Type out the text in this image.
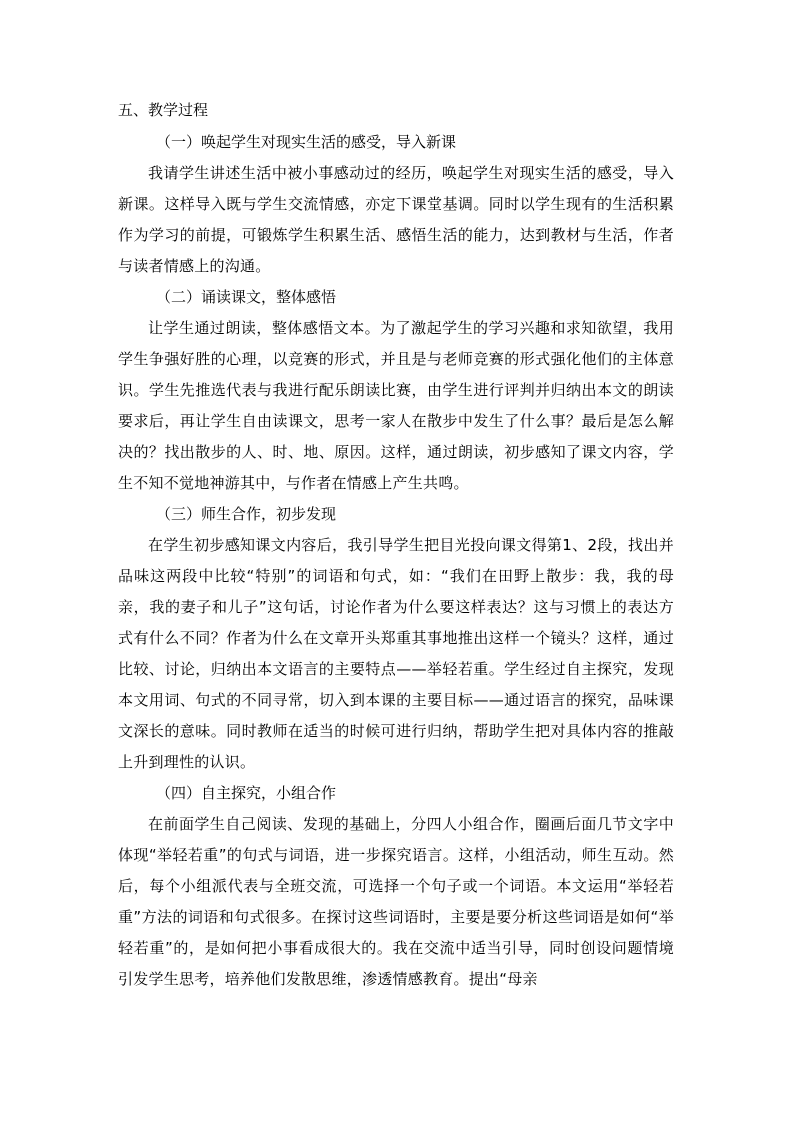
五、教学过程
（一）唤起学生对现实生活的感受，导入新课

我请学生讲述生活中被小事感动过的经历，唤起学生对现实生活的感受，导入新课。这样导入既与学生交流情感，亦定下课堂基调。同时以学生现有的生活积累作为学习的前提，可锻炼学生积累生活、感悟生活的能力，达到教材与生活，作者与读者情感上的沟通。

（二）诵读课文，整体感悟

让学生通过朗读，整体感悟文本。为了激起学生的学习兴趣和求知欲望，我用学生争强好胜的心理，以竞赛的形式，并且是与老师竞赛的形式强化他们的主体意识。学生先推选代表与我进行配乐朗读比赛，由学生进行评判并归纳出本文的朗读要求后，再让学生自由读课文，思考一家人在散步中发生了什么事？最后是怎么解决的？找出散步的人、时、地、原因。这样，通过朗读，初步感知了课文内容，学生不知不觉地神游其中，与作者在情感上产生共鸣。

（三）师生合作，初步发现

在学生初步感知课文内容后，我引导学生把目光投向课文得第1、2段，找出并品味这两段中比较“特别”的词语和句式，如：“我们在田野上散步：我，我的母亲，我的妻子和儿子”这句话，讨论作者为什么要这样表达？这与习惯上的表达方式有什么不同？作者为什么在文章开头郑重其事地推出这样一个镜头？这样，通过比较、讨论，归纳出本文语言的主要特点——举轻若重。学生经过自主探究，发现本文用词、句式的不同寻常，切入到本课的主要目标——通过语言的探究，品味课文深长的意味。同时教师在适当的时候可进行归纳，帮助学生把对具体内容的推敲上升到理性的认识。

（四）自主探究，小组合作

在前面学生自己阅读、发现的基础上，分四人小组合作，圈画后面几节文字中体现“举轻若重”的句式与词语，进一步探究语言。这样，小组活动，师生互动。然后，每个小组派代表与全班交流，可选择一个句子或一个词语。本文运用“举轻若重”方法的词语和句式很多。在探讨这些词语时，主要是要分析这些词语是如何“举轻若重”的，是如何把小事看成很大的。我在交流中适当引导，同时创设问题情境引发学生思考，培养他们发散思维，渗透情感教育。提出“母亲
